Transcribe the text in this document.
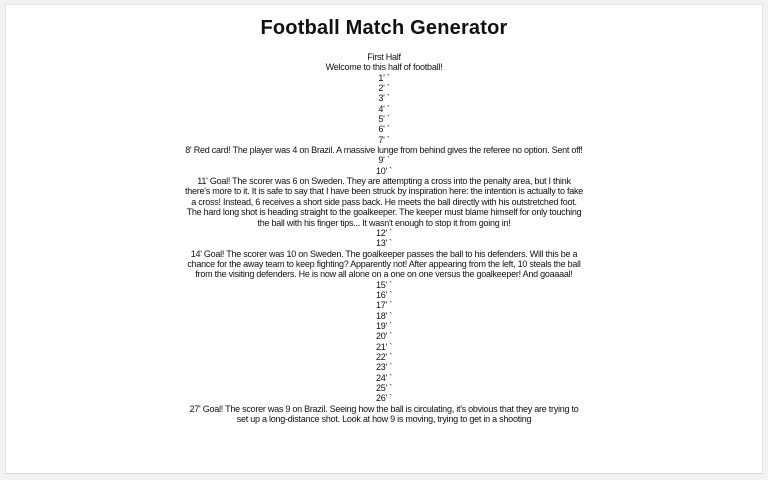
Football Match Generator
First Half
Welcome to this half of football!
1' `
2' `
3' `
4' `
5' `
6' `
7' `
8' Red card! The player was 4 on Brazil. A massive lunge from behind gives the referee no option. Sent off!
9' `
10' `
11' Goal! The scorer was 6 on Sweden. They are attempting a cross into the penalty area, but I think there's more to it. It is safe to say that I have been struck by inspiration here: the intention is actually to fake a cross! Instead, 6 receives a short side pass back. He meets the ball directly with his outstretched foot. The hard long shot is heading straight to the goalkeeper. The keeper must blame himself for only touching the ball with his finger tips... It wasn't enough to stop it from going in!
12' `
13' `
14' Goal! The scorer was 10 on Sweden. The goalkeeper passes the ball to his defenders. Will this be a chance for the away team to keep fighting? Apparently not! After appearing from the left, 10 steals the ball from the visiting defenders. He is now all alone on a one on one versus the goalkeeper! And goaaaal!
15' `
16' `
17' `
18' `
19' `
20' `
21' `
22' `
23' `
24' `
25' `
26' `
27' Goal! The scorer was 9 on Brazil. Seeing how the ball is circulating, it's obvious that they are trying to set up a long-distance shot. Look at how 9 is moving, trying to get in a shooting
